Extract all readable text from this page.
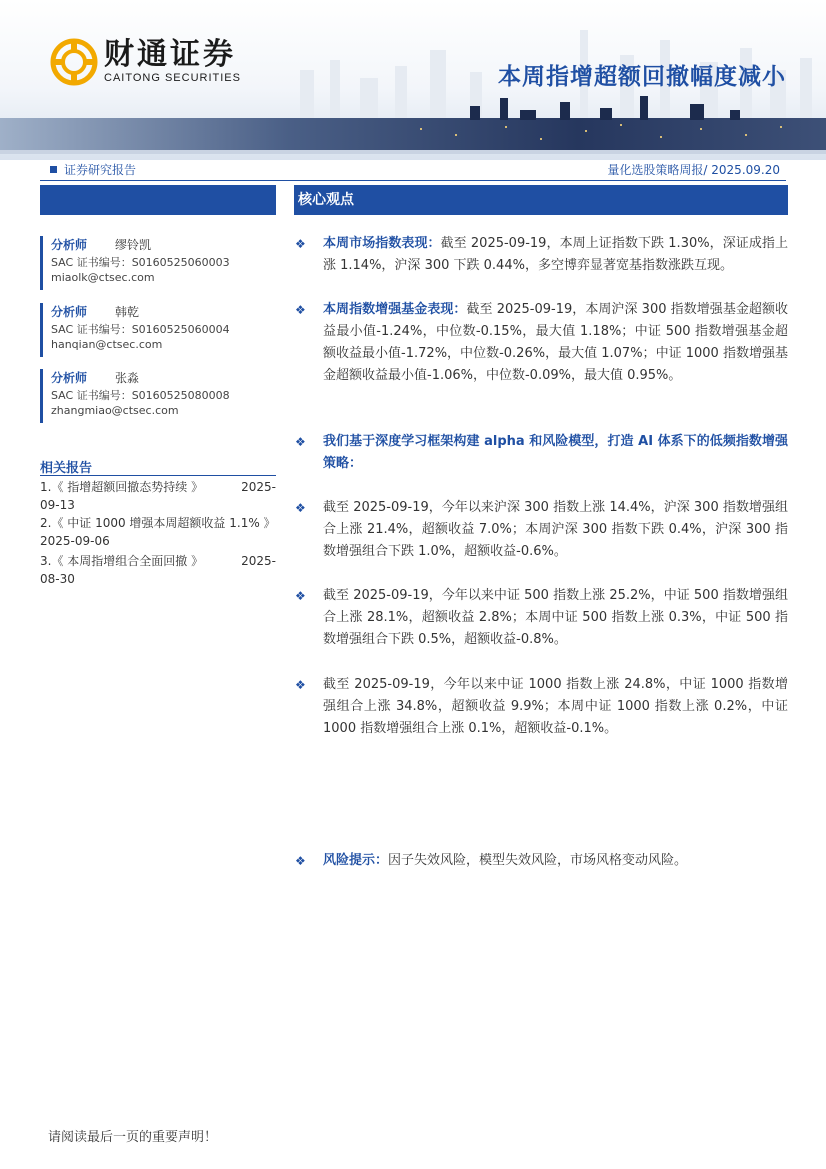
财通证券
CAITONG SECURITIES	本周指增超额回撤幅度减小
证券研究报告	量化选股策略周报/ 2025.09.20
分析师	缪铃凯
SAC 证书编号：S0160525060003
miaolk@ctsec.com
分析师	韩乾
SAC 证书编号：S0160525060004
hanqian@ctsec.com
分析师	张淼
SAC 证书编号：S0160525080008
zhangmiao@ctsec.com
相关报告
1.《 指增超额回撤态势持续 》	2025-
09-13
2.《 中证 1000 增强本周超额收益 1.1% 》
2025-09-06
3.《 本周指增组合全面回撤 》	2025-
08-30
核心观点
❖ 本周市场指数表现：截至 2025-09-19，本周上证指数下跌 1.30%，深证成指上涨 1.14%，沪深 300 下跌 0.44%，多空博弈显著宽基指数涨跌互现。
❖ 本周指数增强基金表现：截至 2025-09-19，本周沪深 300 指数增强基金超额收益最小值-1.24%，中位数-0.15%，最大值 1.18%；中证 500 指数增强基金超额收益最小值-1.72%，中位数-0.26%，最大值 1.07%；中证 1000 指数增强基金超额收益最小值-1.06%，中位数-0.09%，最大值 0.95%。
❖ 我们基于深度学习框架构建 alpha 和风险模型，打造 AI 体系下的低频指数增强策略：
❖ 截至 2025-09-19，今年以来沪深 300 指数上涨 14.4%，沪深 300 指数增强组合上涨 21.4%，超额收益 7.0%；本周沪深 300 指数下跌 0.4%，沪深 300 指数增强组合下跌 1.0%，超额收益-0.6%。
❖ 截至 2025-09-19，今年以来中证 500 指数上涨 25.2%，中证 500 指数增强组合上涨 28.1%，超额收益 2.8%；本周中证 500 指数上涨 0.3%，中证 500 指数增强组合下跌 0.5%，超额收益-0.8%。
❖ 截至 2025-09-19，今年以来中证 1000 指数上涨 24.8%，中证 1000 指数增强组合上涨 34.8%，超额收益 9.9%；本周中证 1000 指数上涨 0.2%，中证 1000 指数增强组合上涨 0.1%，超额收益-0.1%。
❖ 风险提示：因子失效风险，模型失效风险，市场风格变动风险。
请阅读最后一页的重要声明！
